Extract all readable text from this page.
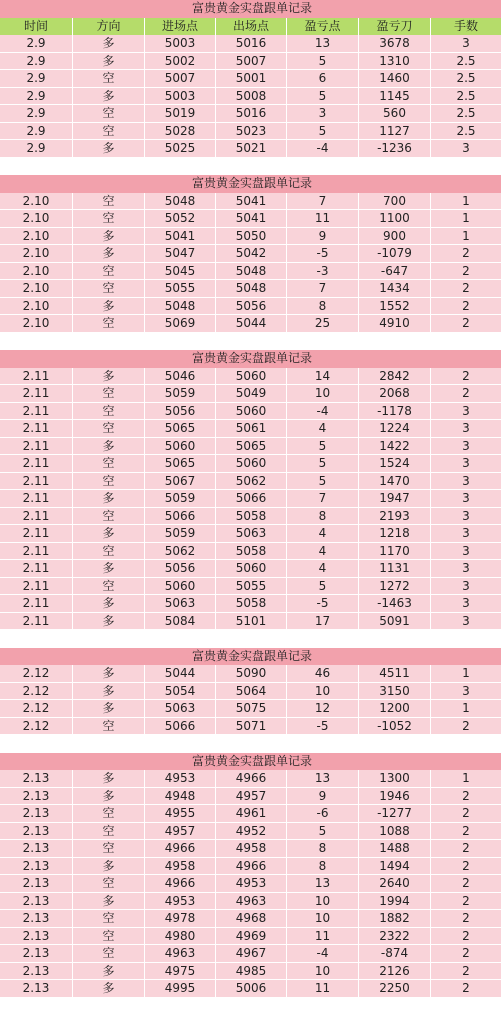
富贵黄金实盘跟单记录
时间	方向	进场点	出场点	盈亏点	盈亏刀	手数
2.9	多	5003	5016	13	3678	3
2.9	多	5002	5007	5	1310	2.5
2.9	空	5007	5001	6	1460	2.5
2.9	多	5003	5008	5	1145	2.5
2.9	空	5019	5016	3	560	2.5
2.9	空	5028	5023	5	1127	2.5
2.9	多	5025	5021	-4	-1236	3
富贵黄金实盘跟单记录
2.10	空	5048	5041	7	700	1
2.10	空	5052	5041	11	1100	1
2.10	多	5041	5050	9	900	1
2.10	多	5047	5042	-5	-1079	2
2.10	空	5045	5048	-3	-647	2
2.10	空	5055	5048	7	1434	2
2.10	多	5048	5056	8	1552	2
2.10	空	5069	5044	25	4910	2
富贵黄金实盘跟单记录
2.11	多	5046	5060	14	2842	2
2.11	空	5059	5049	10	2068	2
2.11	空	5056	5060	-4	-1178	3
2.11	空	5065	5061	4	1224	3
2.11	多	5060	5065	5	1422	3
2.11	空	5065	5060	5	1524	3
2.11	空	5067	5062	5	1470	3
2.11	多	5059	5066	7	1947	3
2.11	空	5066	5058	8	2193	3
2.11	多	5059	5063	4	1218	3
2.11	空	5062	5058	4	1170	3
2.11	多	5056	5060	4	1131	3
2.11	空	5060	5055	5	1272	3
2.11	多	5063	5058	-5	-1463	3
2.11	多	5084	5101	17	5091	3
富贵黄金实盘跟单记录
2.12	多	5044	5090	46	4511	1
2.12	多	5054	5064	10	3150	3
2.12	多	5063	5075	12	1200	1
2.12	空	5066	5071	-5	-1052	2
富贵黄金实盘跟单记录
2.13	多	4953	4966	13	1300	1
2.13	多	4948	4957	9	1946	2
2.13	空	4955	4961	-6	-1277	2
2.13	空	4957	4952	5	1088	2
2.13	空	4966	4958	8	1488	2
2.13	多	4958	4966	8	1494	2
2.13	空	4966	4953	13	2640	2
2.13	多	4953	4963	10	1994	2
2.13	空	4978	4968	10	1882	2
2.13	空	4980	4969	11	2322	2
2.13	空	4963	4967	-4	-874	2
2.13	多	4975	4985	10	2126	2
2.13	多	4995	5006	11	2250	2
